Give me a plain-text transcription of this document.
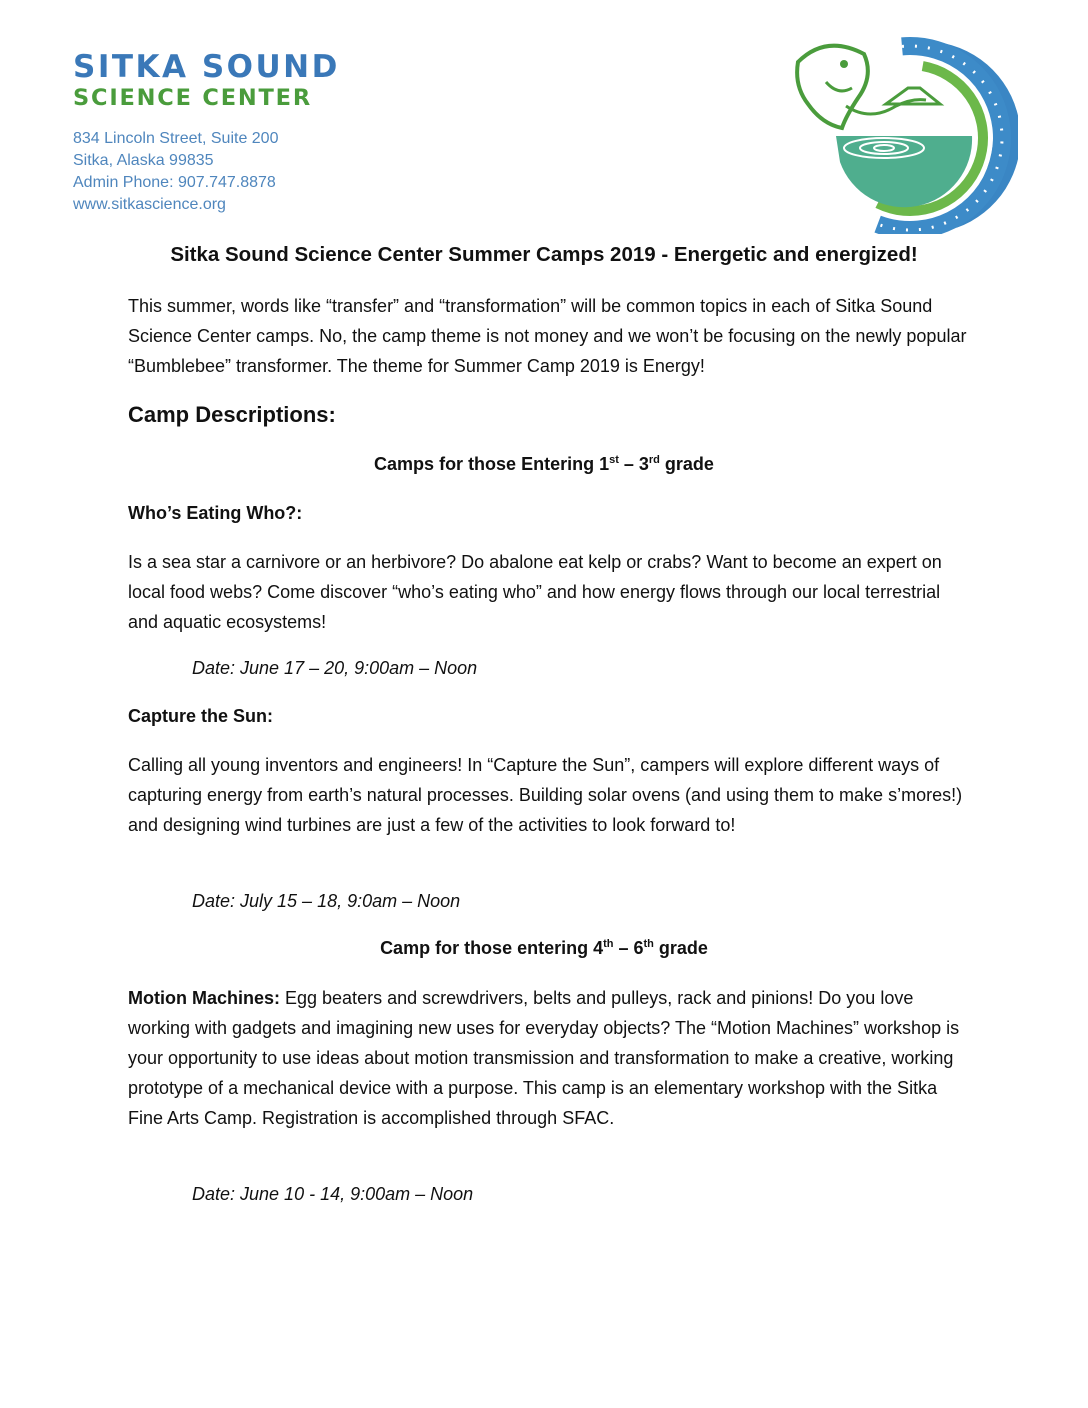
SITKA SOUND
SCIENCE CENTER
834 Lincoln Street, Suite 200
Sitka, Alaska 99835
Admin Phone: 907.747.8878
www.sitkascience.org
Sitka Sound Science Center Summer Camps 2019 - Energetic and energized!

This summer, words like “transfer” and “transformation” will be common topics in each of Sitka Sound Science Center camps. No, the camp theme is not money and we won’t be focusing on the newly popular “Bumblebee” transformer. The theme for Summer Camp 2019 is Energy!

Camp Descriptions:

Camps for those Entering 1st – 3rd grade

Who’s Eating Who?:

Is a sea star a carnivore or an herbivore? Do abalone eat kelp or crabs? Want to become an expert on local food webs? Come discover “who’s eating who” and how energy flows through our local terrestrial and aquatic ecosystems!

Date: June 17 – 20, 9:00am – Noon

Capture the Sun:

Calling all young inventors and engineers! In “Capture the Sun”, campers will explore different ways of capturing energy from earth’s natural processes. Building solar ovens (and using them to make s’mores!) and designing wind turbines are just a few of the activities to look forward to!

Date: July 15 – 18, 9:0am – Noon

Camp for those entering 4th – 6th grade

Motion Machines: Egg beaters and screwdrivers, belts and pulleys, rack and pinions! Do you love working with gadgets and imagining new uses for everyday objects? The “Motion Machines” workshop is your opportunity to use ideas about motion transmission and transformation to make a creative, working prototype of a mechanical device with a purpose. This camp is an elementary workshop with the Sitka Fine Arts Camp. Registration is accomplished through SFAC.

Date: June 10 - 14, 9:00am – Noon
